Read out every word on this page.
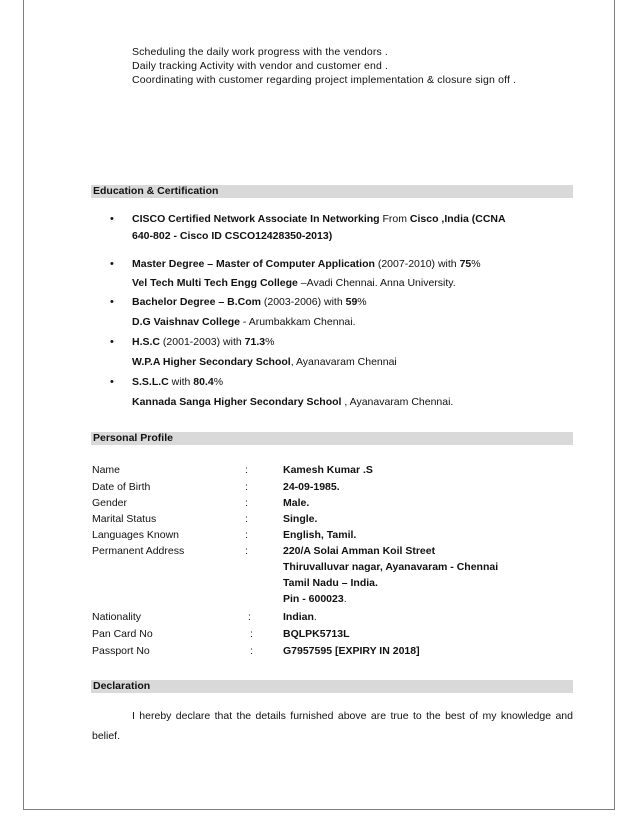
Scheduling the daily work progress with the vendors .
Daily tracking Activity with vendor and customer end .
Coordinating with customer regarding project implementation & closure sign off .
Education & Certification
• CISCO Certified Network Associate In Networking From Cisco ,India (CCNA
640-802 - Cisco ID CSCO12428350-2013)
• Master Degree – Master of Computer Application (2007-2010) with 75%
Vel Tech Multi Tech Engg College –Avadi Chennai. Anna University.
• Bachelor Degree – B.Com (2003-2006) with 59%
D.G Vaishnav College - Arumbakkam Chennai.
• H.S.C (2001-2003) with 71.3%
W.P.A Higher Secondary School, Ayanavaram Chennai
• S.S.L.C with 80.4%
Kannada Sanga Higher Secondary School , Ayanavaram Chennai.
Personal Profile
Name	:	Kamesh Kumar .S
Date of Birth	:	24-09-1985.
Gender	:	Male.
Marital Status	:	Single.
Languages Known	:	English, Tamil.
Permanent Address	:	220/A Solai Amman Koil Street
Thiruvalluvar nagar, Ayanavaram - Chennai
Tamil Nadu – India.
Pin - 600023.
Nationality	:	Indian.
Pan Card No	:	BQLPK5713L
Passport No	:	G7957595 [EXPIRY IN 2018]
Declaration
I hereby declare that the details furnished above are true to the best of my knowledge and belief.
